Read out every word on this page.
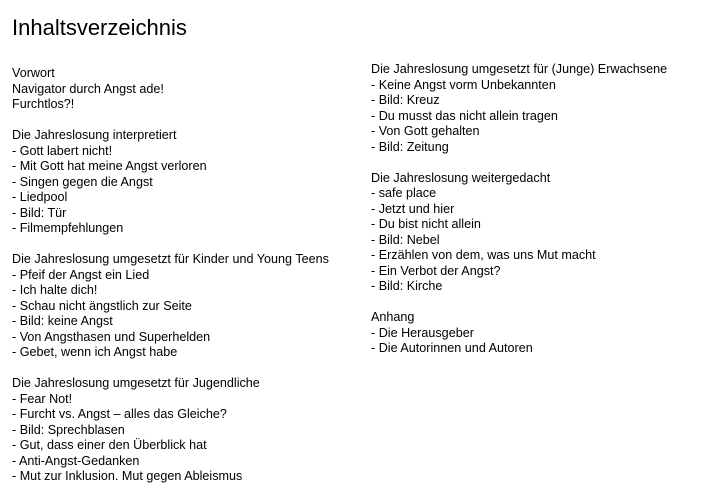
Inhaltsverzeichnis
Vorwort
Navigator durch Angst ade!
Furchtlos?!
Die Jahreslosung interpretiert
- Gott labert nicht!
- Mit Gott hat meine Angst verloren
- Singen gegen die Angst
- Liedpool
- Bild: Tür
- Filmempfehlungen
Die Jahreslosung umgesetzt für Kinder und Young Teens
- Pfeif der Angst ein Lied
- Ich halte dich!
- Schau nicht ängstlich zur Seite
- Bild: keine Angst
- Von Angsthasen und Superhelden
- Gebet, wenn ich Angst habe
Die Jahreslosung umgesetzt für Jugendliche
- Fear Not!
- Furcht vs. Angst – alles das Gleiche?
- Bild: Sprechblasen
- Gut, dass einer den Überblick hat
- Anti-Angst-Gedanken
- Mut zur Inklusion. Mut gegen Ableismus
Die Jahreslosung umgesetzt für (Junge) Erwachsene
- Keine Angst vorm Unbekannten
- Bild: Kreuz
- Du musst das nicht allein tragen
- Von Gott gehalten
- Bild: Zeitung
Die Jahreslosung weitergedacht
- safe place
- Jetzt und hier
- Du bist nicht allein
- Bild: Nebel
- Erzählen von dem, was uns Mut macht
- Ein Verbot der Angst?
- Bild: Kirche
Anhang
- Die Herausgeber
- Die Autorinnen und Autoren
